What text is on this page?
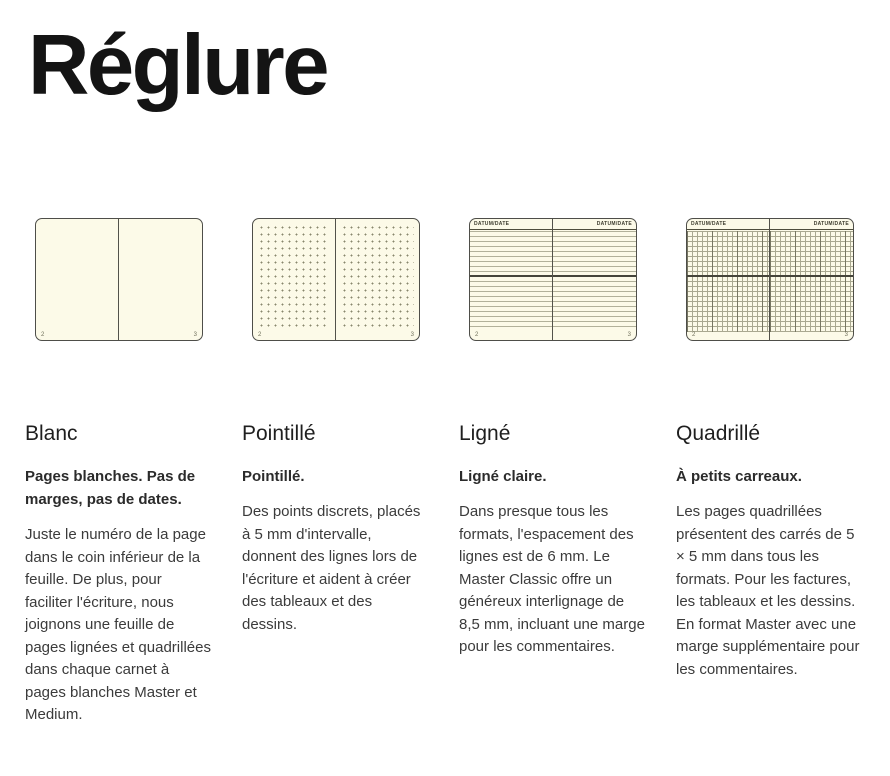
Réglure
2	3
Blanc
Pages blanches. Pas de marges, pas de dates.

Juste le numéro de la page dans le coin inférieur de la feuille. De plus, pour faciliter l'écriture, nous joignons une feuille de pages lignées et quadrillées dans chaque carnet à pages blanches Master et Medium.

2	3
Pointillé
Pointillé.

Des points discrets, placés à 5 mm d'intervalle, donnent des lignes lors de l'écriture et aident à créer des tableaux et des dessins.

DATUM/DATE
2
DATUM/DATE
3
Ligné
Ligné claire.

Dans presque tous les formats, l'espacement des lignes est de 6 mm. Le Master Classic offre un généreux interlignage de 8,5 mm, incluant une marge pour les commentaires.

DATUM/DATE
2
DATUM/DATE
3
Quadrillé
À petits carreaux.

Les pages quadrillées présentent des carrés de 5 × 5 mm dans tous les formats. Pour les factures, les tableaux et les dessins. En format Master avec une marge supplémentaire pour les commentaires.
